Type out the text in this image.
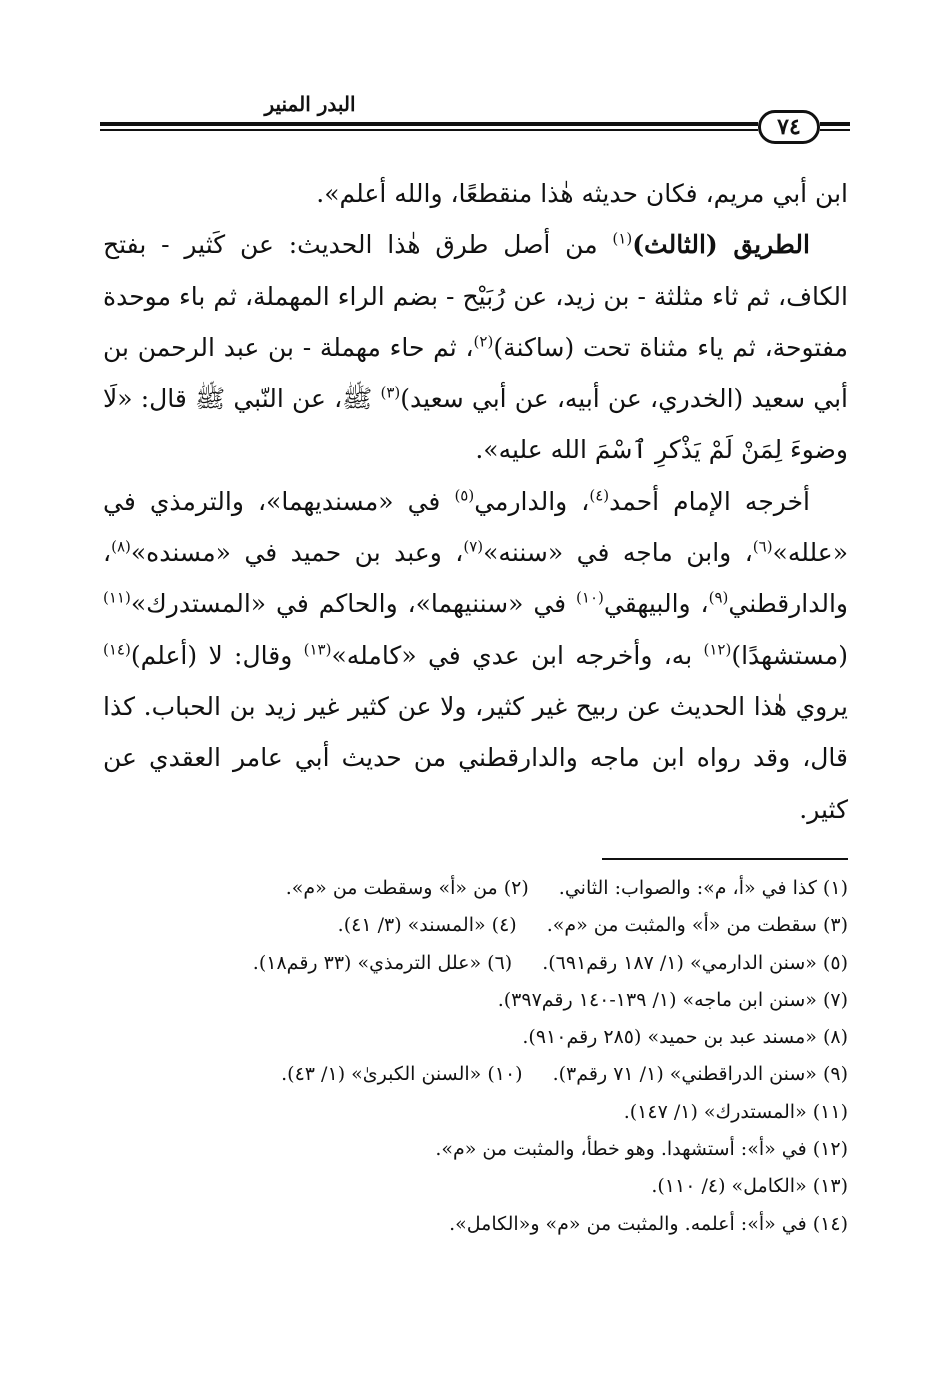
البدر المنير
٧٤

ابن أبي مريم، فكان حديثه هٰذا منقطعًا، والله أعلم».

الطريق (الثالث)$^{(١)}$ من أصل طرق هٰذا الحديث: عن كَثير - بفتح الكاف، ثم ثاء مثلثة - بن زيد، عن رُبَيْح - بضم الراء المهملة، ثم باء موحدة مفتوحة، ثم ياء مثناة تحت (ساكنة)$^{(٢)}$، ثم حاء مهملة - بن عبد الرحمن بن أبي سعيد (الخدري، عن أبيه، عن أبي سعيد)$^{(٣)}$ ﷺ، عن النّبي ﷺ قال: «لَا وضوءَ لِمَنْ لَمْ يَذْكرِ ٱسْمَ الله عليه».

أخرجه الإمام أحمد$^{(٤)}$، والدارمي$^{(٥)}$ في «مسنديهما»، والترمذي في «علله»$^{(٦)}$، وابن ماجه في «سننه»$^{(٧)}$، وعبد بن حميد في «مسنده»$^{(٨)}$، والدارقطني$^{(٩)}$، والبيهقي$^{(١٠)}$ في «سننيهما»، والحاكم في «المستدرك»$^{(١١)}$ (مستشهدًا)$^{(١٢)}$ به، وأخرجه ابن عدي في «كامله»$^{(١٣)}$ وقال: لا (أعلم)$^{(١٤)}$ يروي هٰذا الحديث عن ربيح غير كثير، ولا عن كثير غير زيد بن الحباب. كذا قال، وقد رواه ابن ماجه والدارقطني من حديث أبي عامر العقدي عن كثير.

(١) كذا في «أ، م»: والصواب: الثاني.(٢) من «أ» وسقطت من «م».
(٣) سقطت من «أ» والمثبت من «م».(٤) «المسند» (٣/ ٤١).
(٥) «سنن الدارمي» (١/ ١٨٧ رقم٦٩١).(٦) «علل الترمذي» (٣٣ رقم١٨).
(٧) «سنن ابن ماجه» (١/ ١٣٩-١٤٠ رقم٣٩٧).
(٨) «مسند عبد بن حميد» (٢٨٥ رقم٩١٠).
(٩) «سنن الدراقطني» (١/ ٧١ رقم٣).(١٠) «السنن الكبرىٰ» (١/ ٤٣).
(١١) «المستدرك» (١/ ١٤٧).
(١٢) في «أ»: أستشهدا. وهو خطأ، والمثبت من «م».
(١٣) «الكامل» (٤/ ١١٠).
(١٤) في «أ»: أعلمه. والمثبت من «م» و«الكامل».
